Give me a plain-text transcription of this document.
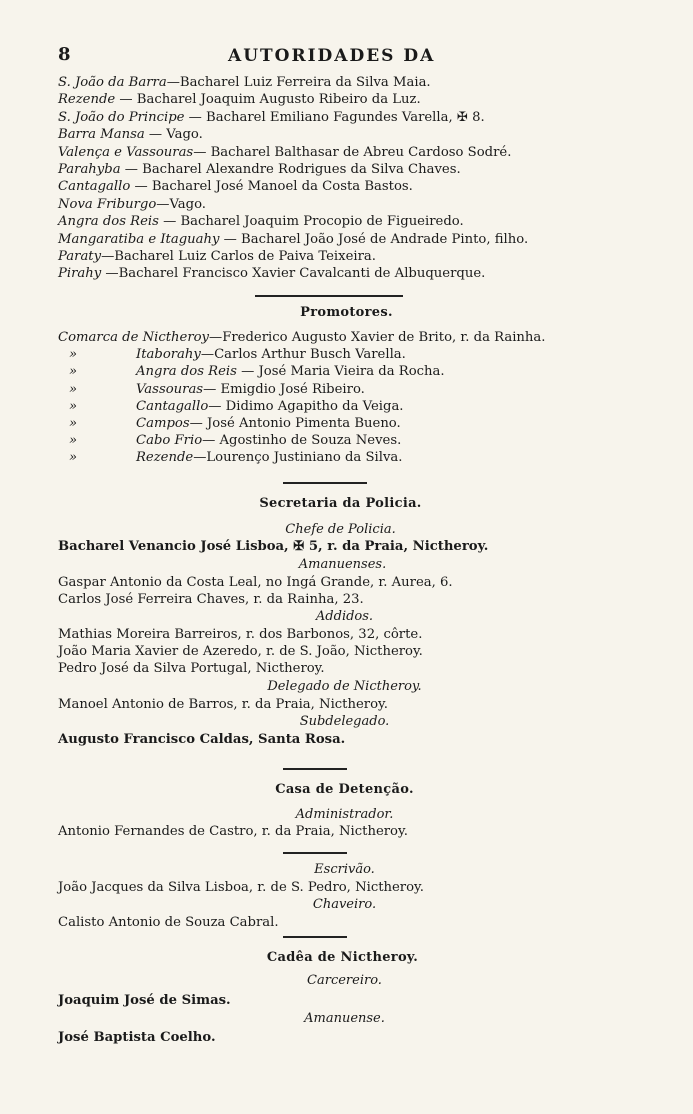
8	AUTORIDADES DA
S. João da Barra—Bacharel Luiz Ferreira da Silva Maia.
Rezende — Bacharel Joaquim Augusto Ribeiro da Luz.
S. João do Principe — Bacharel Emiliano Fagundes Varella, ✠ 8.
Barra Mansa — Vago.
Valença e Vassouras— Bacharel Balthasar de Abreu Cardoso Sodré.
Parahyba — Bacharel Alexandre Rodrigues da Silva Chaves.
Cantagallo — Bacharel José Manoel da Costa Bastos.
Nova Friburgo—Vago.
Angra dos Reis — Bacharel Joaquim Procopio de Figueiredo.
Mangaratiba e Itaguahy — Bacharel João José de Andrade Pinto, filho.
Paraty—Bacharel Luiz Carlos de Paiva Teixeira.
Pirahy —Bacharel Francisco Xavier Cavalcanti de Albuquerque.
Promotores.
Comarca de Nictheroy—Frederico Augusto Xavier de Brito, r. da Rainha.
»	Itaborahy—Carlos Arthur Busch Varella.
»	Angra dos Reis — José Maria Vieira da Rocha.
»	Vassouras— Emigdio José Ribeiro.
»	Cantagallo— Didimo Agapitho da Veiga.
»	Campos— José Antonio Pimenta Bueno.
»	Cabo Frio— Agostinho de Souza Neves.
»	Rezende—Lourenço Justiniano da Silva.
Secretaria da Policia.
Chefe de Policia.
Bacharel Venancio José Lisboa, ✠ 5, r. da Praia, Nictheroy.
Amanuenses.
Gaspar Antonio da Costa Leal, no Ingá Grande, r. Aurea, 6.
Carlos José Ferreira Chaves, r. da Rainha, 23.
Addidos.
Mathias Moreira Barreiros, r. dos Barbonos, 32, côrte.
João Maria Xavier de Azeredo, r. de S. João, Nictheroy.
Pedro José da Silva Portugal, Nictheroy.
Delegado de Nictheroy.
Manoel Antonio de Barros, r. da Praia, Nictheroy.
Subdelegado.
Augusto Francisco Caldas, Santa Rosa.
Casa de Detenção.
Administrador.
Antonio Fernandes de Castro, r. da Praia, Nictheroy.
Escrivão.
João Jacques da Silva Lisboa, r. de S. Pedro, Nictheroy.
Chaveiro.
Calisto Antonio de Souza Cabral.
Cadêa de Nictheroy.
Carcereiro.
Joaquim José de Simas.
Amanuense.
José Baptista Coelho.
